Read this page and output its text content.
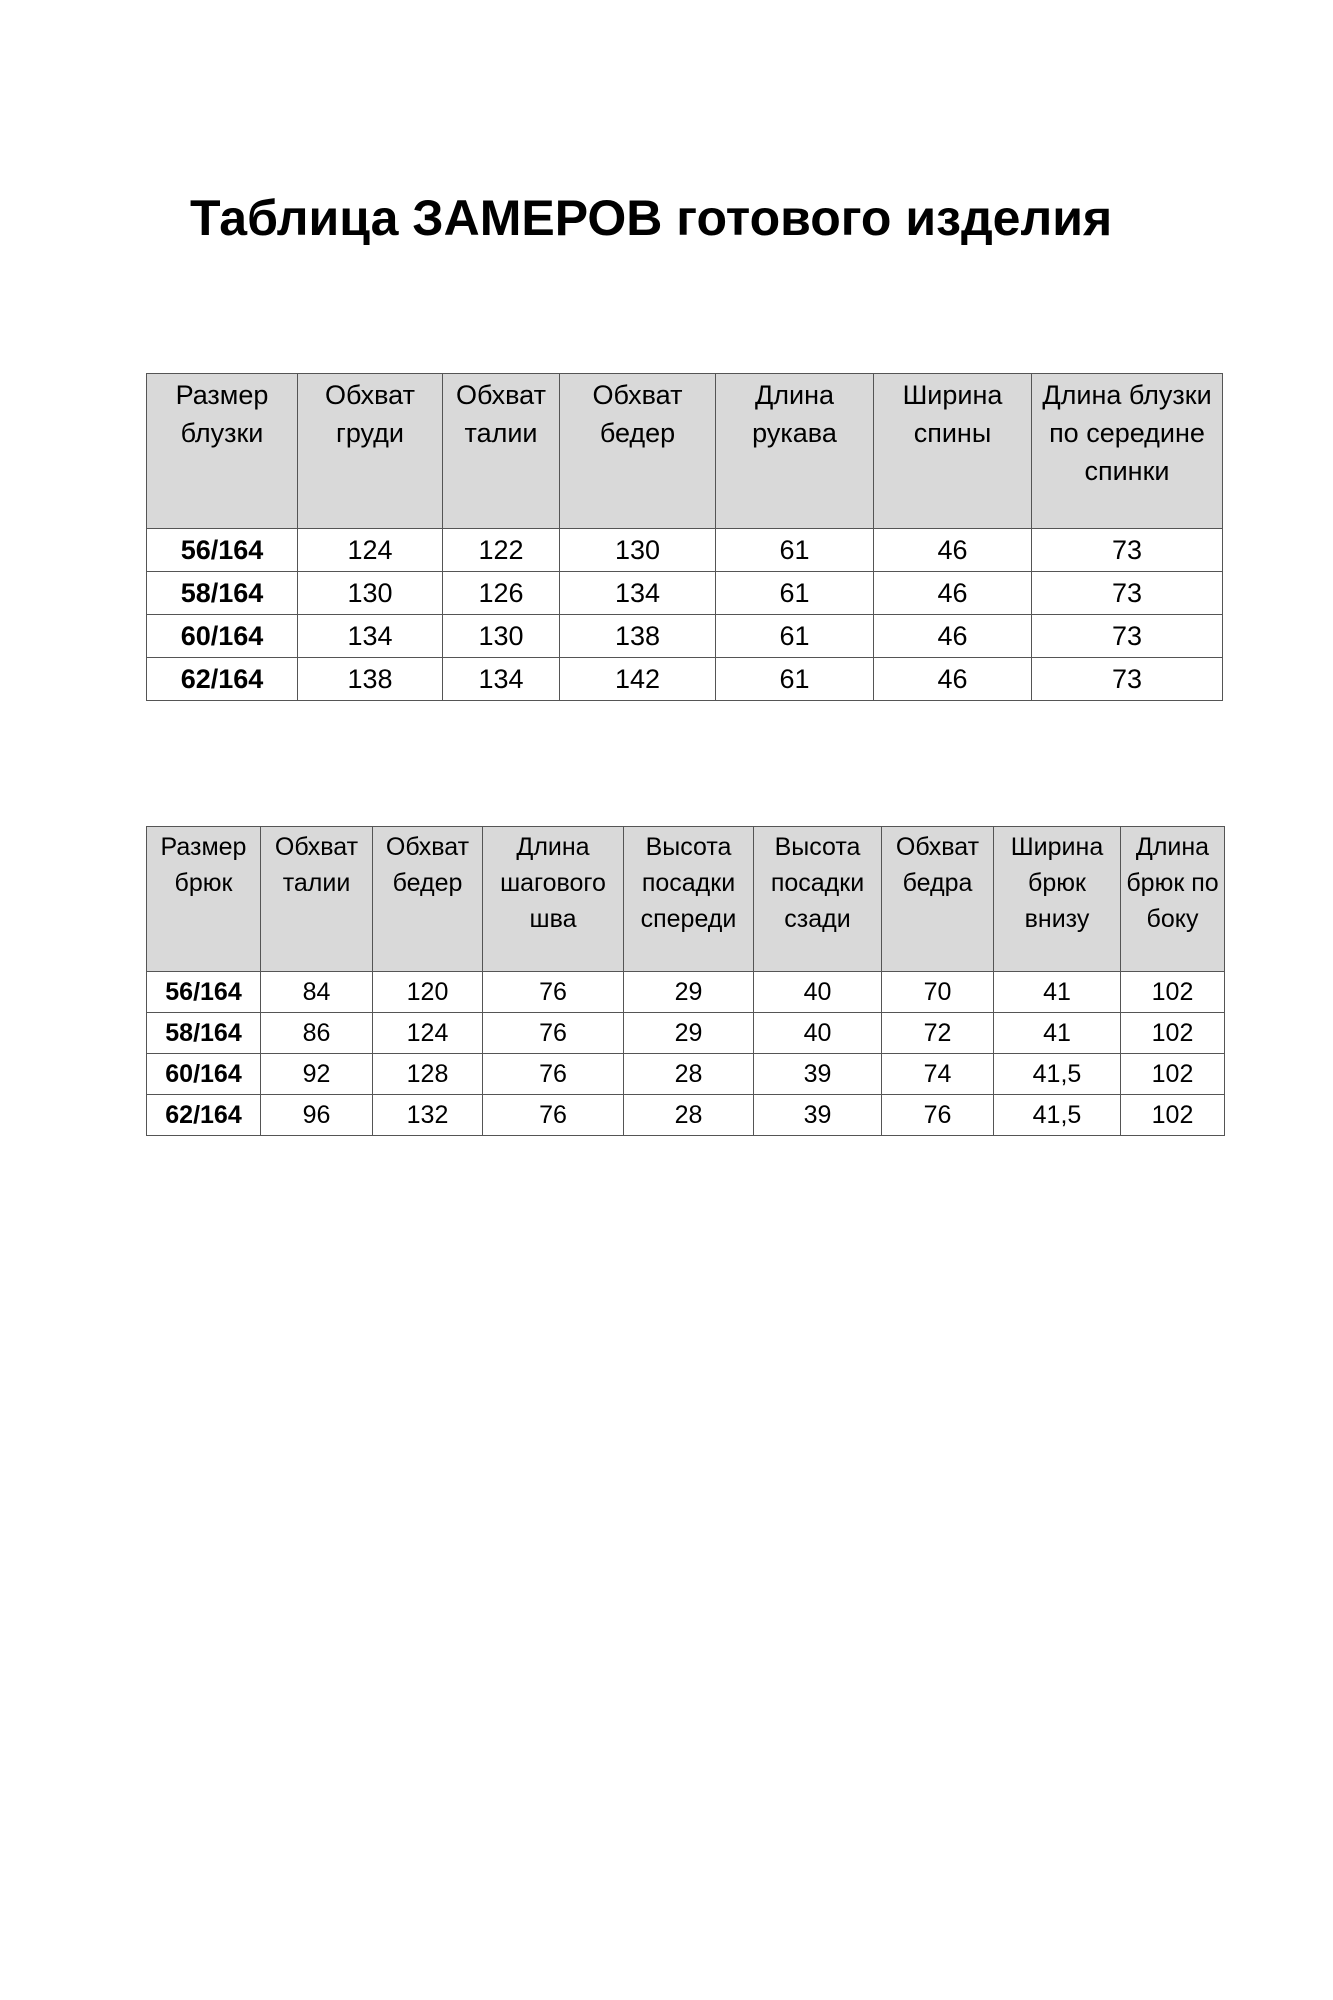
Таблица ЗАМЕРОВ готового изделия
Размер блузки	Обхват груди	Обхват талии	Обхват бедер	Длина рукава	Ширина спины	Длина блузки по середине спинки
56/164	124	122	130	61	46	73
58/164	130	126	134	61	46	73
60/164	134	130	138	61	46	73
62/164	138	134	142	61	46	73
Размер брюк	Обхват талии	Обхват бедер	Длина шагового шва	Высота посадки спереди	Высота посадки сзади	Обхват бедра	Ширина брюк внизу	Длина брюк по боку
56/164	84	120	76	29	40	70	41	102
58/164	86	124	76	29	40	72	41	102
60/164	92	128	76	28	39	74	41,5	102
62/164	96	132	76	28	39	76	41,5	102
